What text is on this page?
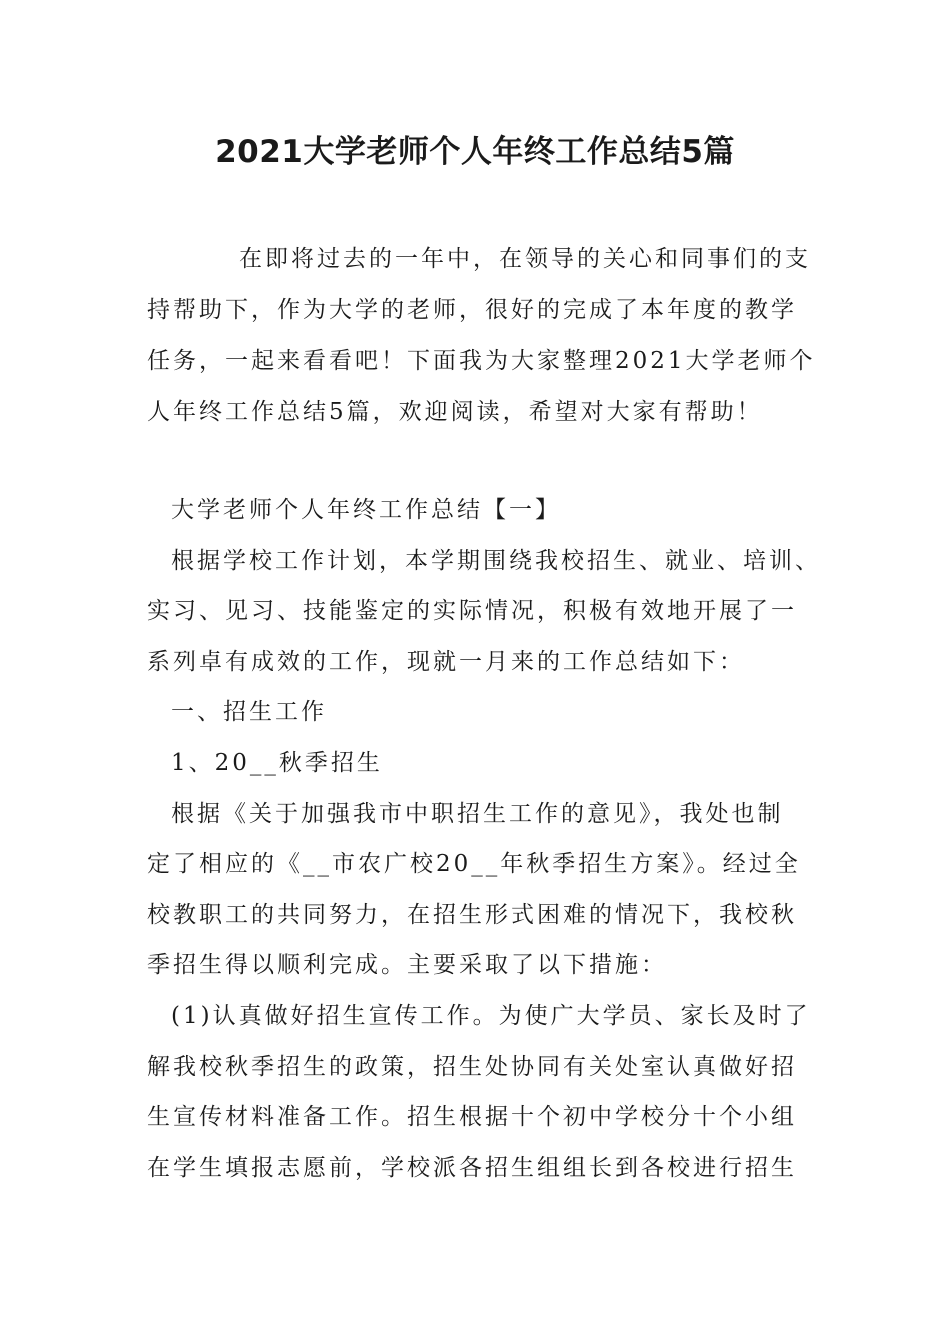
2021大学老师个人年终工作总结5篇
在即将过去的一年中，在领导的关心和同事们的支
持帮助下，作为大学的老师，很好的完成了本年度的教学
任务，一起来看看吧！下面我为大家整理2021大学老师个
人年终工作总结5篇，欢迎阅读，希望对大家有帮助！
大学老师个人年终工作总结【一】
根据学校工作计划，本学期围绕我校招生、就业、培训、
实习、见习、技能鉴定的实际情况，积极有效地开展了一
系列卓有成效的工作，现就一月来的工作总结如下：
一、招生工作
1、20__秋季招生
根据《关于加强我市中职招生工作的意见》，我处也制
定了相应的《__市农广校20__年秋季招生方案》。经过全
校教职工的共同努力，在招生形式困难的情况下，我校秋
季招生得以顺利完成。主要采取了以下措施：
(1)认真做好招生宣传工作。为使广大学员、家长及时了
解我校秋季招生的政策，招生处协同有关处室认真做好招
生宣传材料准备工作。招生根据十个初中学校分十个小组
在学生填报志愿前，学校派各招生组组长到各校进行招生
